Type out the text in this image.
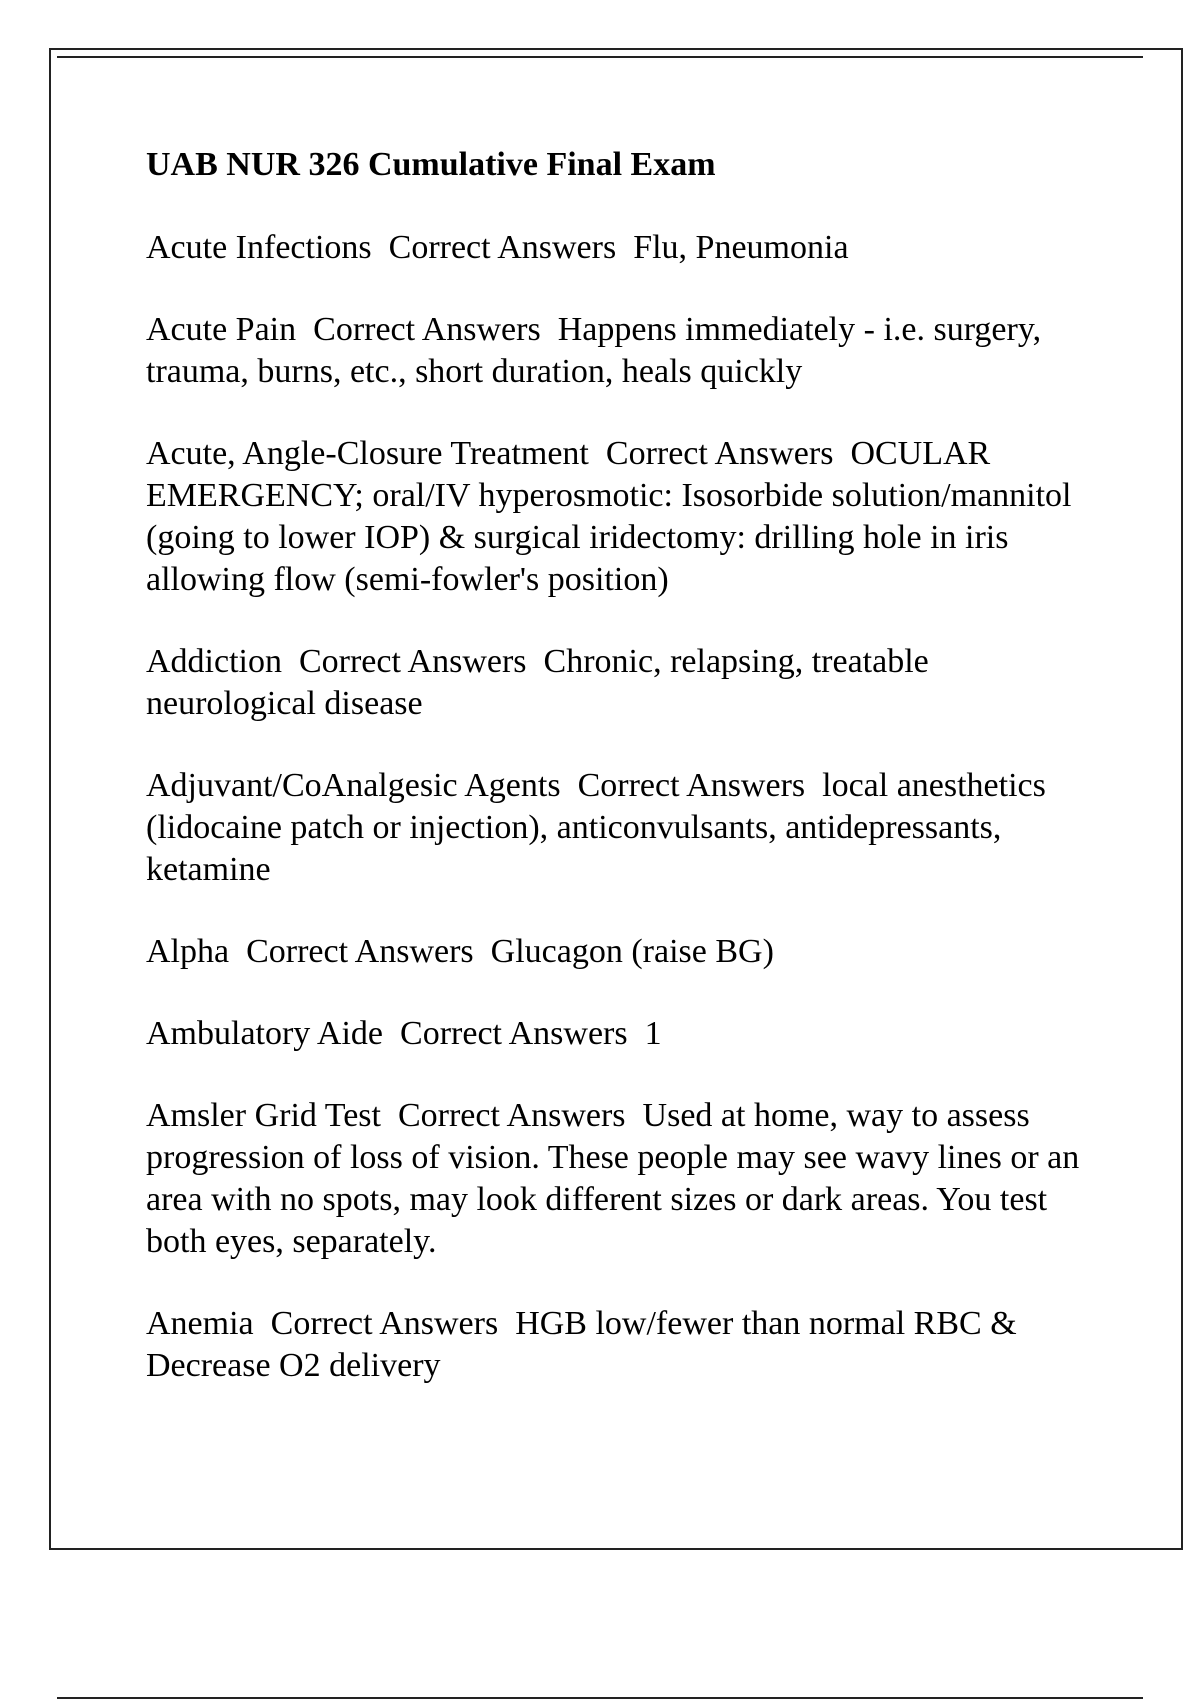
UAB NUR 326 Cumulative Final Exam
Acute Infections Correct Answers Flu, Pneumonia
Acute Pain Correct Answers Happens immediately - i.e. surgery, trauma, burns, etc., short duration, heals quickly
Acute, Angle-Closure Treatment Correct Answers OCULAR EMERGENCY; oral/IV hyperosmotic: Isosorbide solution/mannitol (going to lower IOP) & surgical iridectomy: drilling hole in iris allowing flow (semi-fowler's position)
Addiction Correct Answers Chronic, relapsing, treatable neurological disease
Adjuvant/CoAnalgesic Agents Correct Answers local anesthetics (lidocaine patch or injection), anticonvulsants, antidepressants, ketamine
Alpha Correct Answers Glucagon (raise BG)
Ambulatory Aide Correct Answers 1
Amsler Grid Test Correct Answers Used at home, way to assess progression of loss of vision. These people may see wavy lines or an area with no spots, may look different sizes or dark areas. You test both eyes, separately.
Anemia Correct Answers HGB low/fewer than normal RBC & Decrease O2 delivery
